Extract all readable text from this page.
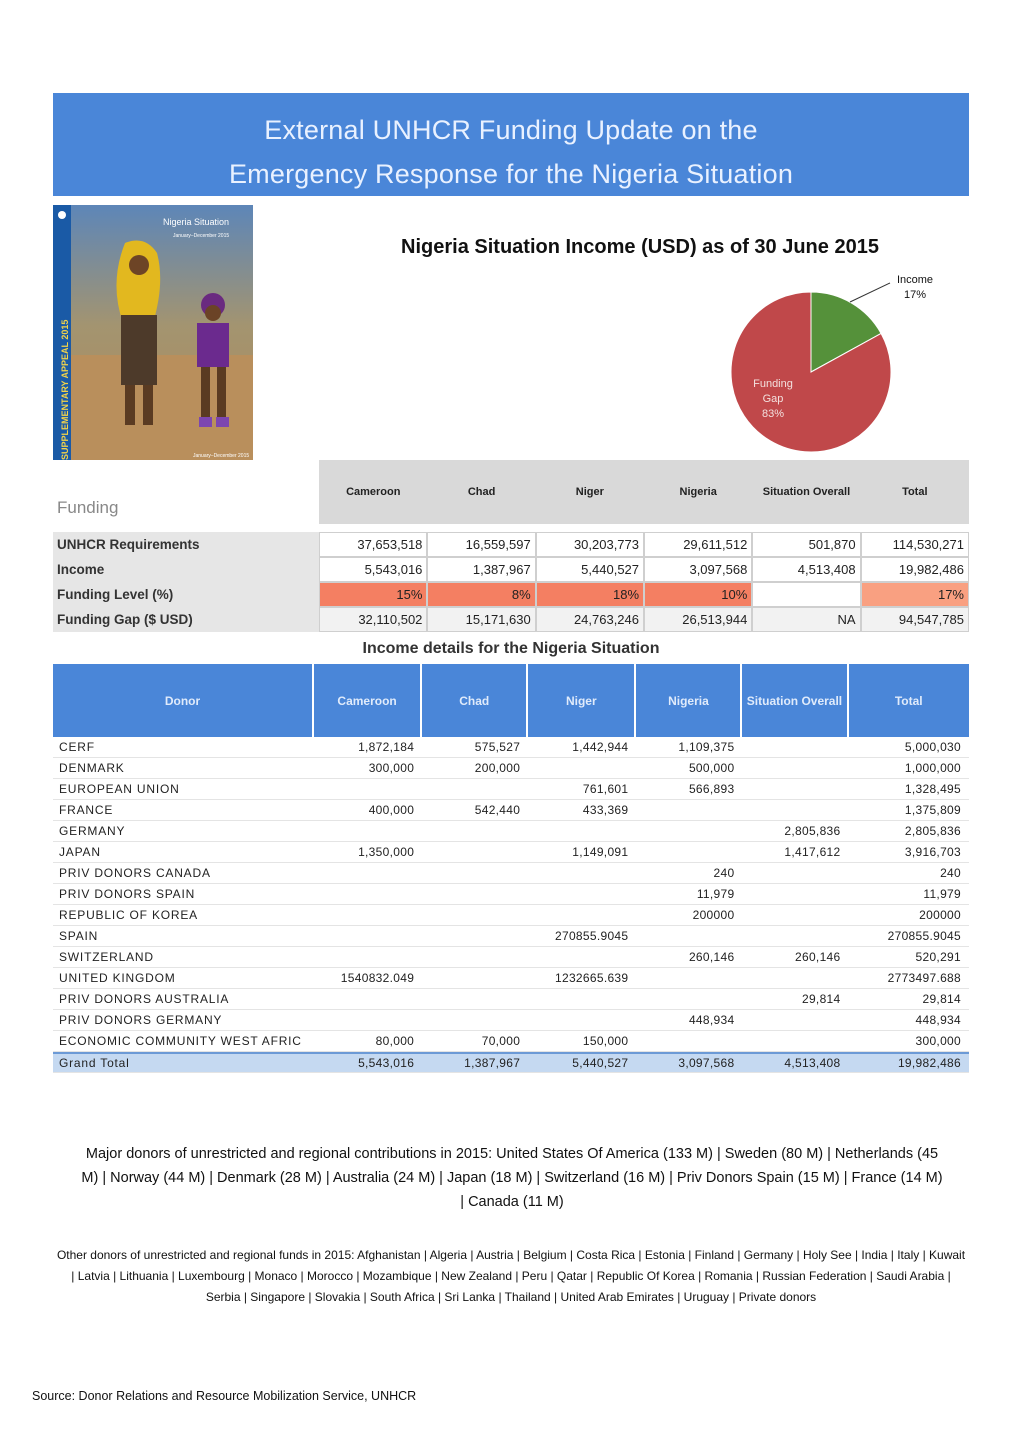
External UNHCR Funding Update on the
Emergency Response for the Nigeria Situation
Nigeria Situation
January–December 2015
January–December 2015
SUPPLEMENTARY APPEAL 2015
Nigeria Situation Income (USD) as of 30 June 2015
Income
17%
Funding Gap
83%
Funding	Cameroon	Chad	Niger	Nigeria	Situation Overall	Total

UNHCR Requirements	37,653,518	16,559,597	30,203,773	29,611,512	501,870	114,530,271
Income	5,543,016	1,387,967	5,440,527	3,097,568	4,513,408	19,982,486
Funding Level (%)	15%	8%	18%	10%		17%
Funding Gap ($ USD)	32,110,502	15,171,630	24,763,246	26,513,944	NA	94,547,785
Income details for the Nigeria Situation
Donor	Cameroon	Chad	Niger	Nigeria	Situation Overall	Total
CERF	1,872,184	575,527	1,442,944	1,109,375		5,000,030
DENMARK	300,000	200,000		500,000		1,000,000
EUROPEAN UNION			761,601	566,893		1,328,495
FRANCE	400,000	542,440	433,369			1,375,809
GERMANY					2,805,836	2,805,836
JAPAN	1,350,000		1,149,091		1,417,612	3,916,703
PRIV DONORS CANADA				240		240
PRIV DONORS SPAIN				11,979		11,979
REPUBLIC OF KOREA				200000		200000
SPAIN			270855.9045			270855.9045
SWITZERLAND				260,146	260,146	520,291
UNITED KINGDOM	1540832.049		1232665.639			2773497.688
PRIV DONORS AUSTRALIA					29,814	29,814
PRIV DONORS GERMANY				448,934		448,934
ECONOMIC COMMUNITY WEST AFRIC	80,000	70,000	150,000			300,000
Grand Total	5,543,016	1,387,967	5,440,527	3,097,568	4,513,408	19,982,486
Major donors of unrestricted and regional contributions in 2015: United States Of America (133 M) | Sweden (80 M) | Netherlands (45 M) | Norway (44 M) | Denmark (28 M) | Australia (24 M) | Japan (18 M) | Switzerland (16 M) | Priv Donors Spain (15 M) | France (14 M) | Canada (11 M)
Other donors of unrestricted and regional funds in 2015: Afghanistan | Algeria | Austria | Belgium | Costa Rica | Estonia | Finland | Germany | Holy See | India | Italy | Kuwait | Latvia | Lithuania | Luxembourg | Monaco | Morocco | Mozambique | New Zealand | Peru | Qatar | Republic Of Korea | Romania | Russian Federation | Saudi Arabia | Serbia | Singapore | Slovakia | South Africa | Sri Lanka | Thailand | United Arab Emirates | Uruguay | Private donors
Source: Donor Relations and Resource Mobilization Service, UNHCR
